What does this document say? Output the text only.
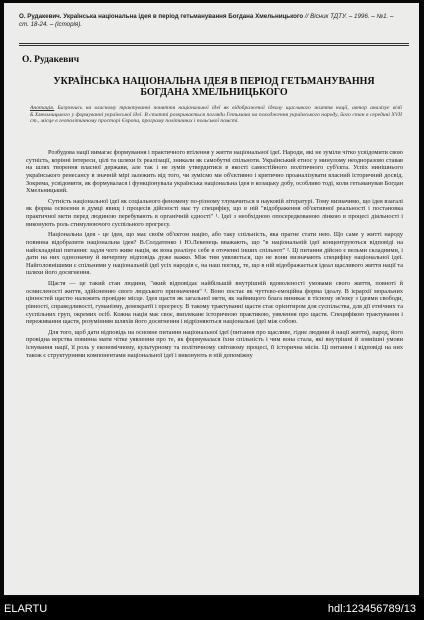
О. Рудакевич. Українська національна ідея в період гетьманування Богдана Хмельницького // Вісник ТДТУ. – 1996. – №1. – ст. 18-24. – (історія).
О. Рудакевич
УКРАЇНСЬКА НАЦІОНАЛЬНА ІДЕЯ В ПЕРІОД ГЕТЬМАНУВАННЯ БОГДАНА ХМЕЛЬНИЦЬКОГО
Анотація. Базуючись на власному трактуванні поняття національної ідеї як відображеної ідеалу щасливого життя нації, автор аналізує візії Б.Хмельницького у формуванні української ідеї. В статті розкривається погляди Гетьмана на походження українського народу, його стан в середині XVII ст., місце в геополітичному просторі Європи, програму політичних і польської помсті.

Розбудова нації вимагає формування і практичного втілення у життя національної ідеї. Народи, які не зуміли чітко усвідомити свою сутність, корінні інтереси, цілі та шляхи їх реалізації, зникали як самобутні спільноти. Український етнос у минулому неодноразово ставав на шлях творення власної держави, але так і не зумів утвердитися в якості самостійного політичного суб'єкта. Успіх нинішнього українського ренесансу в значній мірі залежить від того, чи зумісмо ми об'єктивно і критично проаналізувати власний історичний досвід. Зокрема, усвідомити, як формувалася і функціонувала українська національна ідея в козацьку добу, особливо тоді, коли гетьманував Богдан Хмельницький.

Сутність національної ідеї як соціального феномену по-різному тлумачиться в науковій літературі. Тому визначимо, що ідея взагалі як форма освоєння в думці явищ і процесів дійсності має ту специфіку, що в ній "відображення об'єктивної реальності і постановка практичної мети перед людиною перебувають в органічній єдності" ¹. Ідеї з необхідною опосередкованою лінкою в процесі діяльності і виконують роль стимулюючого суспільного прогресу.

Національна ідея - це ідея, що має своїм об'єктом націю, або таку спільність, яка прагне стати нею. Що саме у житті народу повинна відобразити національна ідея? В.Солдатенко і Ю.Левенець вважають, що "в національній ідеї концентруються відповіді на найскладніші питання: задля чого живе нація, як вона реалізує себе в оточенні інших спільнот" ². Ці питання дійсно є вельми складними, і дати на них однозначну й вичерпну відповідь дуже важко. Між тим уявляється, що не вони визначають специфіку національної ідеї. Найголовнішими є спільними у національній ідеї усіх народів є, на наш погляд, те, що в ній відображається ідеал щасливого життя нації та шляхи його досягнення.

Щастя — це такий стан людини, "який відповідає найбільшій внутрішній вдоволеності умовами свого життя, повноті й осмисленості життя, здійсненню свого людського призначення" ³. Воно постає як чуттєво-емоційна форма ідеалу. В ієрархії моральних цінностей щастю належить провідне місце. Ідея щастя як загальної мети, як найвищого блага виникає в тісному зв'язку з ідеями свободи, рівності, справедливості, гуманізму, демократії і прогресу. В такому трактуванні щастя стає орієнтиром для суспільства, для дії етнічних та суспільних груп, окремих осіб. Кожна нація має своє, виплекане історичною практикою, уявлення про щастя. Специфікою трактування і переживання щастя, розумінням шляхів його досягнення і відрізняються національні ідеї між собою.

Для того, щоб дати відповідь на основне питання національної ідеї (питання про щасливе, гідне людини й нації життя), народ, його провідна верства повинна мати чітке уявлення про те, як формувалася їхня спільність і чим вона стала, які внутрішні й зовнішні умови існування нації, її роль у економічному, культурному та політичному світовому процесі, її історична місія. Ці питання і відповіді на них також є структурними компонентами національної ідеї і виконують в ній допоміжну

ELARTU	hdl:123456789/13
